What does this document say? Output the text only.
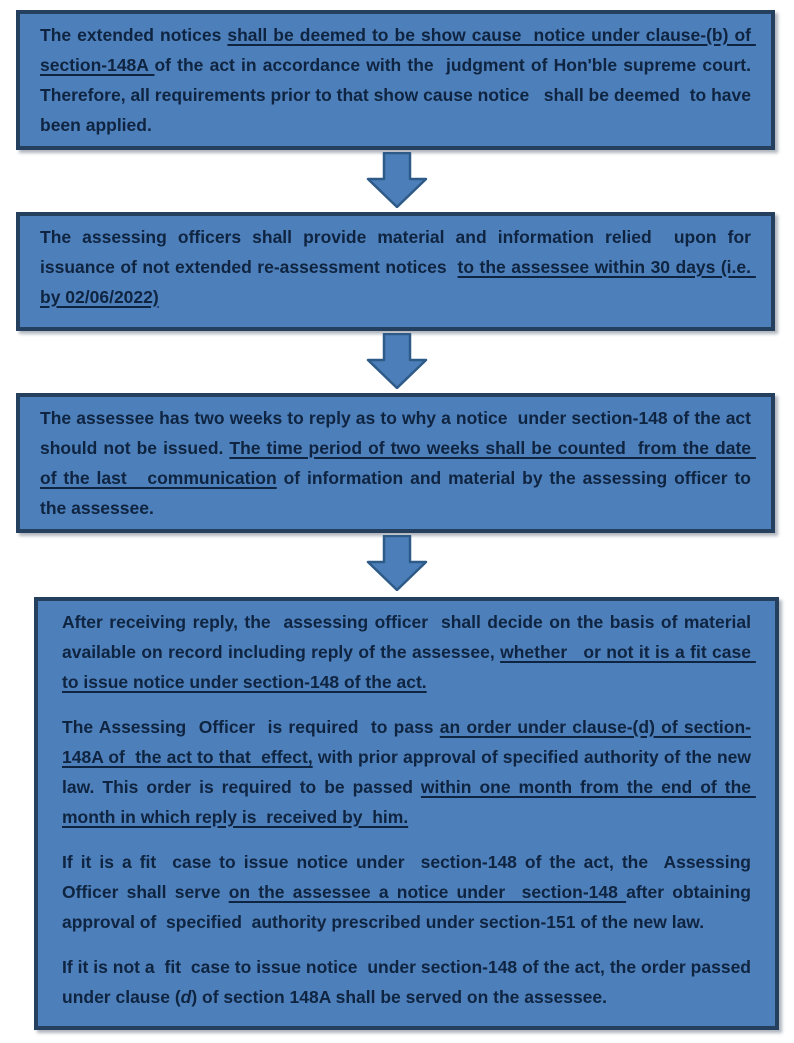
The extended notices shall be deemed to be show cause  notice under clause-(b) of section-148A of the act in accordance with the  judgment of Hon'ble supreme court. Therefore, all requirements prior to that show cause notice   shall be deemed  to have been applied.

The assessing officers shall provide material and information relied  upon for issuance of not extended re-assessment notices  to the assessee within 30 days (i.e. by 02/06/2022)

The assessee has two weeks to reply as to why a notice  under section-148 of the act should not be issued. The time period of two weeks shall be counted  from the date of the last   communication of information and material by the assessing officer to the assessee.

After receiving reply, the  assessing officer  shall decide on the basis of material available on record including reply of the assessee, whether   or not it is a fit case to issue notice under section-148 of the act.

The Assessing  Officer  is required  to pass an order under clause-(d) of section-148A of  the act to that  effect, with prior approval of specified authority of the new law. This order is required to be passed within one month from the end of the month in which reply is  received by  him.

If it is a fit  case to issue notice under  section-148 of the act, the  Assessing Officer shall serve on the assessee a notice under  section-148 after obtaining approval of  specified  authority prescribed under section-151 of the new law.

If it is not a  fit  case to issue notice  under section-148 of the act, the order passed under clause (d) of section 148A shall be served on the assessee.
